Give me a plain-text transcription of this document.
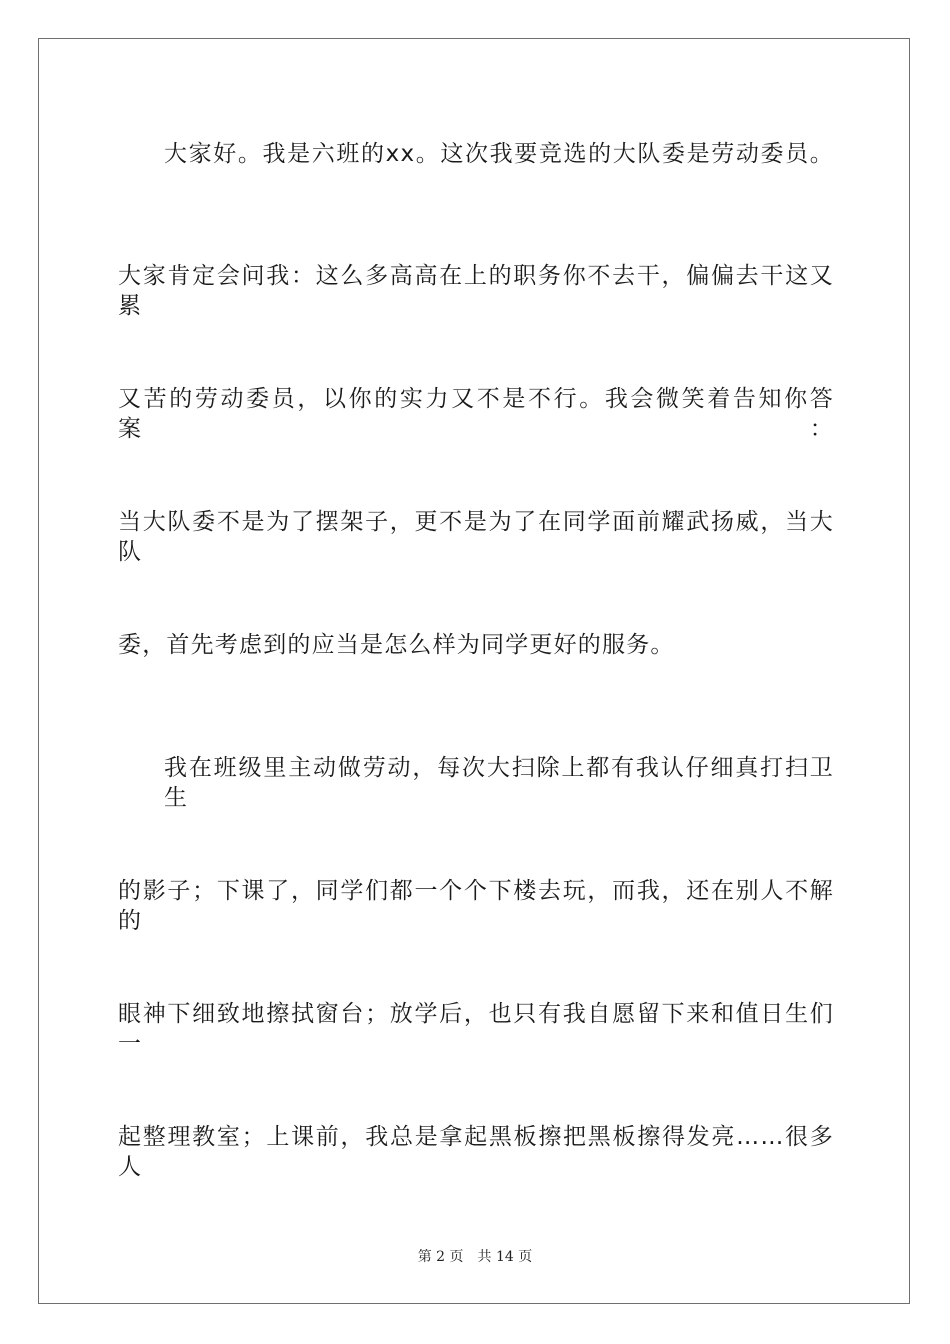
大家好。我是六班的xx。这次我要竞选的大队委是劳动委员。
大家肯定会问我：这么多高高在上的职务你不去干，偏偏去干这又累
又苦的劳动委员，以你的实力又不是不行。我会微笑着告知你答案：
当大队委不是为了摆架子，更不是为了在同学面前耀武扬威，当大队
委，首先考虑到的应当是怎么样为同学更好的服务。
我在班级里主动做劳动，每次大扫除上都有我认仔细真打扫卫生
的影子；下课了，同学们都一个个下楼去玩，而我，还在别人不解的
眼神下细致地擦拭窗台；放学后，也只有我自愿留下来和值日生们一
起整理教室；上课前，我总是拿起黑板擦把黑板擦得发亮……很多人
第 2 页　共 14 页
